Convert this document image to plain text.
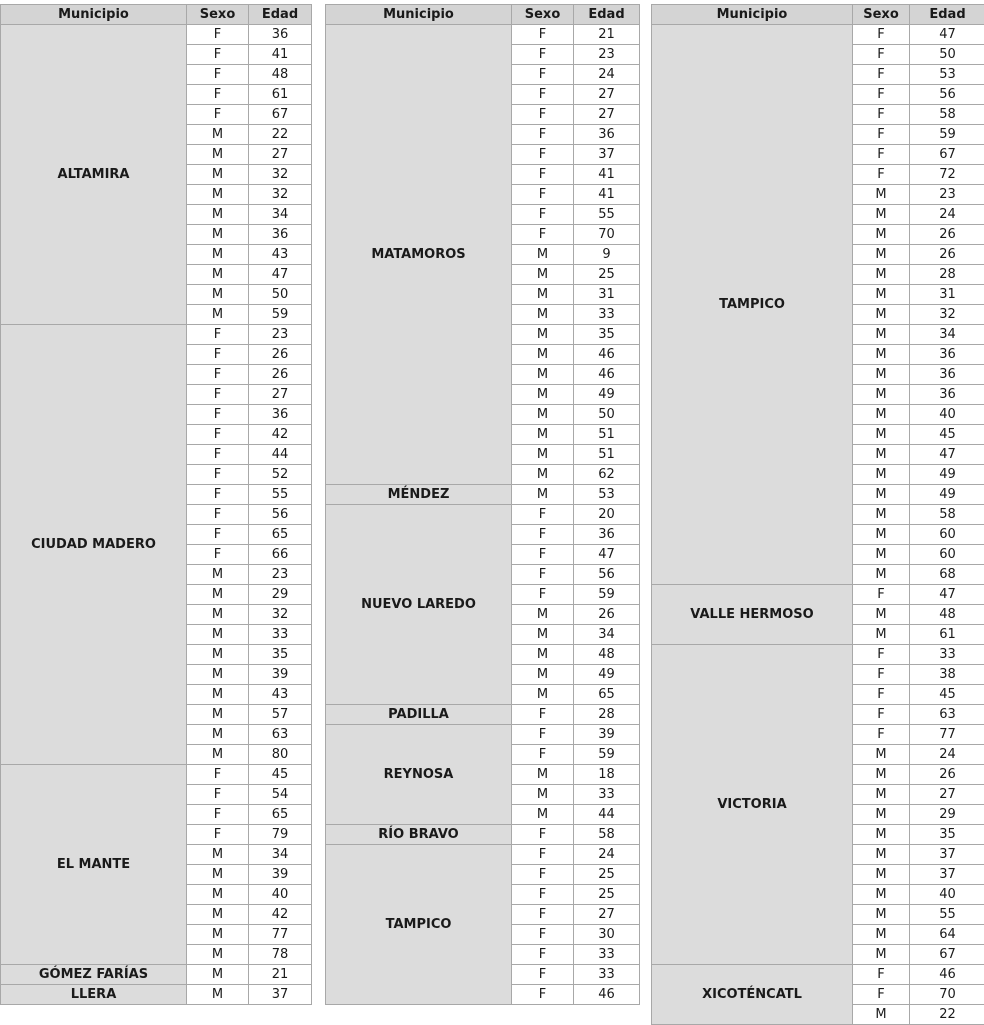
Municipio	Sexo	Edad
ALTAMIRA	F	36
	F	41
	F	48
	F	61
	F	67
	M	22
	M	27
	M	32
	M	32
	M	34
	M	36
	M	43
	M	47
	M	50
	M	59
CIUDAD MADERO	F	23
	F	26
	F	26
	F	27
	F	36
	F	42
	F	44
	F	52
	F	55
	F	56
	F	65
	F	66
	M	23
	M	29
	M	32
	M	33
	M	35
	M	39
	M	43
	M	57
	M	63
	M	80
EL MANTE	F	45
	F	54
	F	65
	F	79
	M	34
	M	39
	M	40
	M	42
	M	77
	M	78
GÓMEZ FARÍAS	M	21
LLERA	M	37
Municipio	Sexo	Edad
MATAMOROS	F	21
	F	23
	F	24
	F	27
	F	27
	F	36
	F	37
	F	41
	F	41
	F	55
	F	70
	M	9
	M	25
	M	31
	M	33
	M	35
	M	46
	M	46
	M	49
	M	50
	M	51
	M	51
	M	62
MÉNDEZ	M	53
NUEVO LAREDO	F	20
	F	36
	F	47
	F	56
	F	59
	M	26
	M	34
	M	48
	M	49
	M	65
PADILLA	F	28
REYNOSA	F	39
	F	59
	M	18
	M	33
	M	44
RÍO BRAVO	F	58
TAMPICO	F	24
	F	25
	F	25
	F	27
	F	30
	F	33
	F	33
	F	46
Municipio	Sexo	Edad
TAMPICO	F	47
	F	50
	F	53
	F	56
	F	58
	F	59
	F	67
	F	72
	M	23
	M	24
	M	26
	M	26
	M	28
	M	31
	M	32
	M	34
	M	36
	M	36
	M	36
	M	40
	M	45
	M	47
	M	49
	M	49
	M	58
	M	60
	M	60
	M	68
VALLE HERMOSO	F	47
	M	48
	M	61
VICTORIA	F	33
	F	38
	F	45
	F	63
	F	77
	M	24
	M	26
	M	27
	M	29
	M	35
	M	37
	M	37
	M	40
	M	55
	M	64
	M	67
XICOTÉNCATL	F	46
	F	70
	M	22
